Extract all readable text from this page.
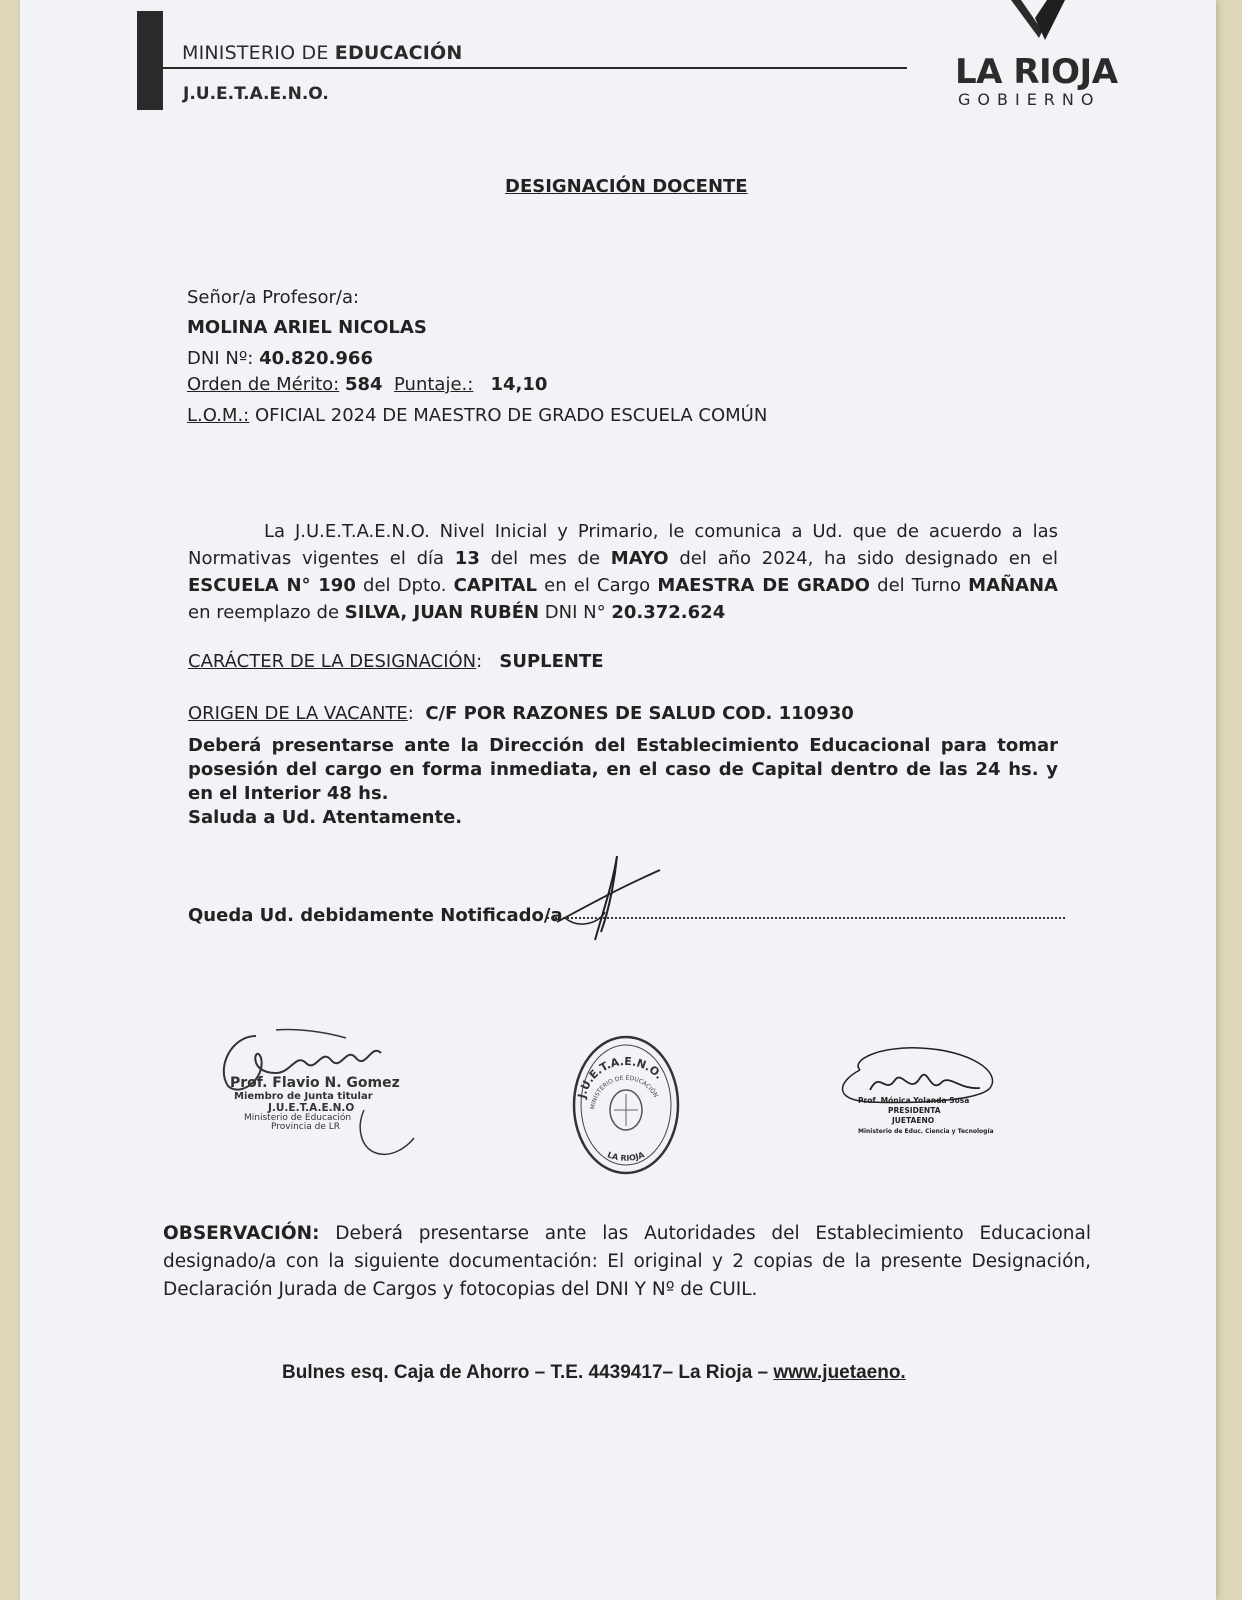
MINISTERIO DE EDUCACIÓN
J.U.E.T.A.E.N.O.
LA RIOJA
GOBIERNO
DESIGNACIÓN DOCENTE
Señor/a Profesor/a:
MOLINA ARIEL NICOLAS
DNI Nº: 40.820.966
Orden de Mérito: 584 Puntaje.: 14,10
L.O.M.: OFICIAL 2024 DE MAESTRO DE GRADO ESCUELA COMÚN
La J.U.E.T.A.E.N.O. Nivel Inicial y Primario, le comunica a Ud. que de acuerdo a las Normativas vigentes el día 13 del mes de MAYO del año 2024, ha sido designado en el ESCUELA N° 190 del Dpto. CAPITAL en el Cargo MAESTRA DE GRADO del Turno MAÑANA en reemplazo de SILVA, JUAN RUBÉN DNI N° 20.372.624
CARÁCTER DE LA DESIGNACIÓN:   SUPLENTE
ORIGEN DE LA VACANTE:  C/F POR RAZONES DE SALUD COD. 110930
Deberá presentarse ante la Dirección del Establecimiento Educacional para tomar posesión del cargo en forma inmediata, en el caso de Capital dentro de las 24 hs. y en el Interior 48 hs.
Saluda a Ud. Atentamente.
Queda Ud. debidamente Notificado/a
Prof. Flavio N. Gomez
Miembro de Junta titular
J.U.E.T.A.E.N.O
Ministerio de Educación
Provincia de LR
J.U.E.T.A.E.N.O.
MINISTERIO DE EDUCACIÓN
LA RIOJA
Prof. Mónica Yolanda Sosa
PRESIDENTA
JUETAENO
Ministerio de Educ. Ciencia y Tecnología
OBSERVACIÓN: Deberá presentarse ante las Autoridades del Establecimiento Educacional designado/a con la siguiente documentación: El original y 2 copias de la presente Designación, Declaración Jurada de Cargos y fotocopias del DNI Y Nº de CUIL.
Bulnes esq. Caja de Ahorro – T.E. 4439417– La Rioja – www.juetaeno.
